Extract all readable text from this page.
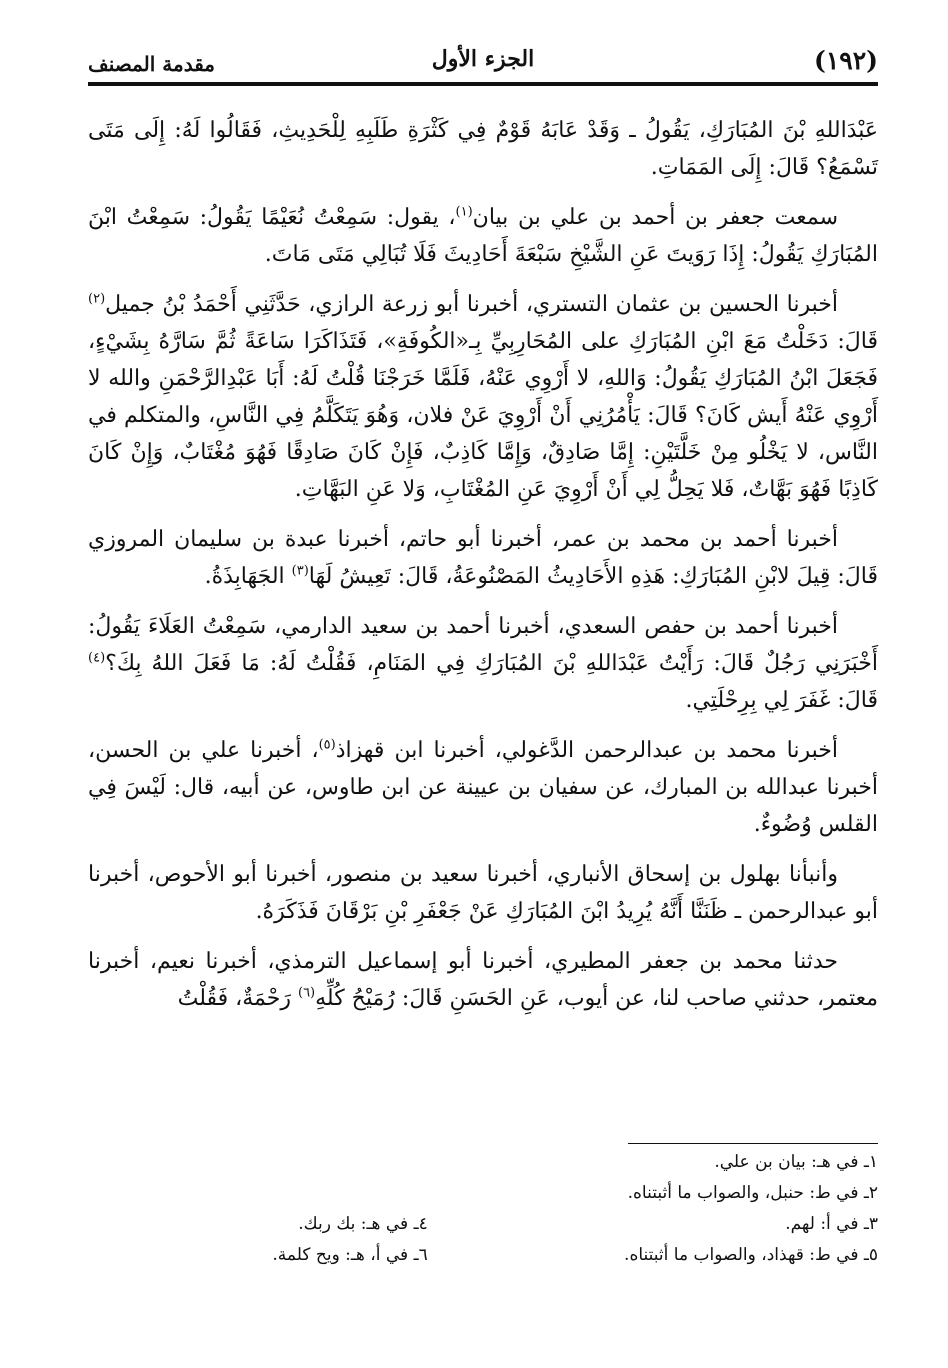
(١٩٢)
الجزء الأول
مقدمة المصنف

عَبْدَاللهِ بْنَ المُبَارَكِ، يَقُولُ ـ وَقَدْ عَابَهُ قَوْمٌ فِي كَثْرَةِ طَلَبِهِ لِلْحَدِيثِ، فَقَالُوا لَهُ: إِلَى مَتَى تَسْمَعُ؟ قَالَ: إِلَى المَمَاتِ.

سمعت جعفر بن أحمد بن علي بن بيان$^{(١)}$، يقول: سَمِعْتُ نُعَيْمًا يَقُولُ: سَمِعْتُ ابْنَ المُبَارَكِ يَقُولُ: إِذَا رَوَيتَ عَنِ الشَّيْخِ سَبْعَةَ أَحَادِيثَ فَلَا تُبَالِي مَتَى مَاتَ.

أخبرنا الحسين بن عثمان التستري، أخبرنا أبو زرعة الرازي، حَدَّثَنِي أَحْمَدُ بْنُ جميل$^{(٢)}$ قَالَ: دَخَلْتُ مَعَ ابْنِ المُبَارَكِ على المُحَارِبِيِّ بِـ«الكُوفَةِ»، فَتَذَاكَرَا سَاعَةً ثُمَّ سَارَّهُ بِشَيْءٍ، فَجَعَلَ ابْنُ المُبَارَكِ يَقُولُ: وَاللهِ، لا أَرْوِي عَنْهُ، فَلَمَّا خَرَجْنَا قُلْتُ لَهُ: أَبَا عَبْدِالرَّحْمَنِ والله لا أَرْوِي عَنْهُ أَيش كَانَ؟ قَالَ: يَأْمُرُنِي أَنْ أَرْوِيَ عَنْ فلان، وَهُوَ يَتَكَلَّمُ فِي النَّاسِ، والمتكلم في النَّاس، لا يَخْلُو مِنْ خَلَّتَيْنِ: إِمَّا صَادِقٌ، وَإِمَّا كَاذِبٌ، فَإِنْ كَانَ صَادِقًا فَهُوَ مُغْتَابٌ، وَإِنْ كَانَ كَاذِبًا فَهُوَ بَهَّاتٌ، فَلا يَحِلُّ لِي أَنْ أَرْوِيَ عَنِ المُغْتَابِ، وَلا عَنِ البَهَّاتِ.

أخبرنا أحمد بن محمد بن عمر، أخبرنا أبو حاتم، أخبرنا عبدة بن سليمان المروزي قَالَ: قِيلَ لابْنِ المُبَارَكِ: هَذِهِ الأَحَادِيثُ المَصْنُوعَةُ، قَالَ: تَعِيشُ لَهَا$^{(٣)}$ الجَهَابِذَةُ.

أخبرنا أحمد بن حفص السعدي، أخبرنا أحمد بن سعيد الدارمي، سَمِعْتُ العَلَاءَ يَقُولُ: أَخْبَرَنِي رَجُلٌ قَالَ: رَأَيْتُ عَبْدَاللهِ بْنَ المُبَارَكِ فِي المَنَامِ، فَقُلْتُ لَهُ: مَا فَعَلَ اللهُ بِكَ؟$^{(٤)}$ قَالَ: غَفَرَ لِي بِرِحْلَتِي.

أخبرنا محمد بن عبدالرحمن الدَّغولي، أخبرنا ابن قهزاذ$^{(٥)}$، أخبرنا علي بن الحسن، أخبرنا عبدالله بن المبارك، عن سفيان بن عيينة عن ابن طاوس، عن أبيه، قال: لَيْسَ فِي القلس وُضُوءٌ.

وأنبأنا بهلول بن إسحاق الأنباري، أخبرنا سعيد بن منصور، أخبرنا أبو الأحوص، أخبرنا أبو عبدالرحمن ـ ظَنَنَّا أَنَّهُ يُرِيدُ ابْنَ المُبَارَكِ عَنْ جَعْفَرِ بْنِ بَرْقَانَ فَذَكَرَهُ.

حدثنا محمد بن جعفر المطيري، أخبرنا أبو إسماعيل الترمذي، أخبرنا نعيم، أخبرنا معتمر، حدثني صاحب لنا، عن أيوب، عَنِ الحَسَنِ قَالَ: رُمَيْحُ كُلِّهِ$^{(٦)}$ رَحْمَةٌ، فَقُلْتُ

١ـ في هـ: بيان بن علي.
٢ـ في ط: حنبل، والصواب ما أثبتناه.
٣ـ في أ: لهم.
٤ـ في هـ: بك ربك.
٥ـ في ط: قهذاد، والصواب ما أثبتناه.
٦ـ في أ، هـ: ويح كلمة.
